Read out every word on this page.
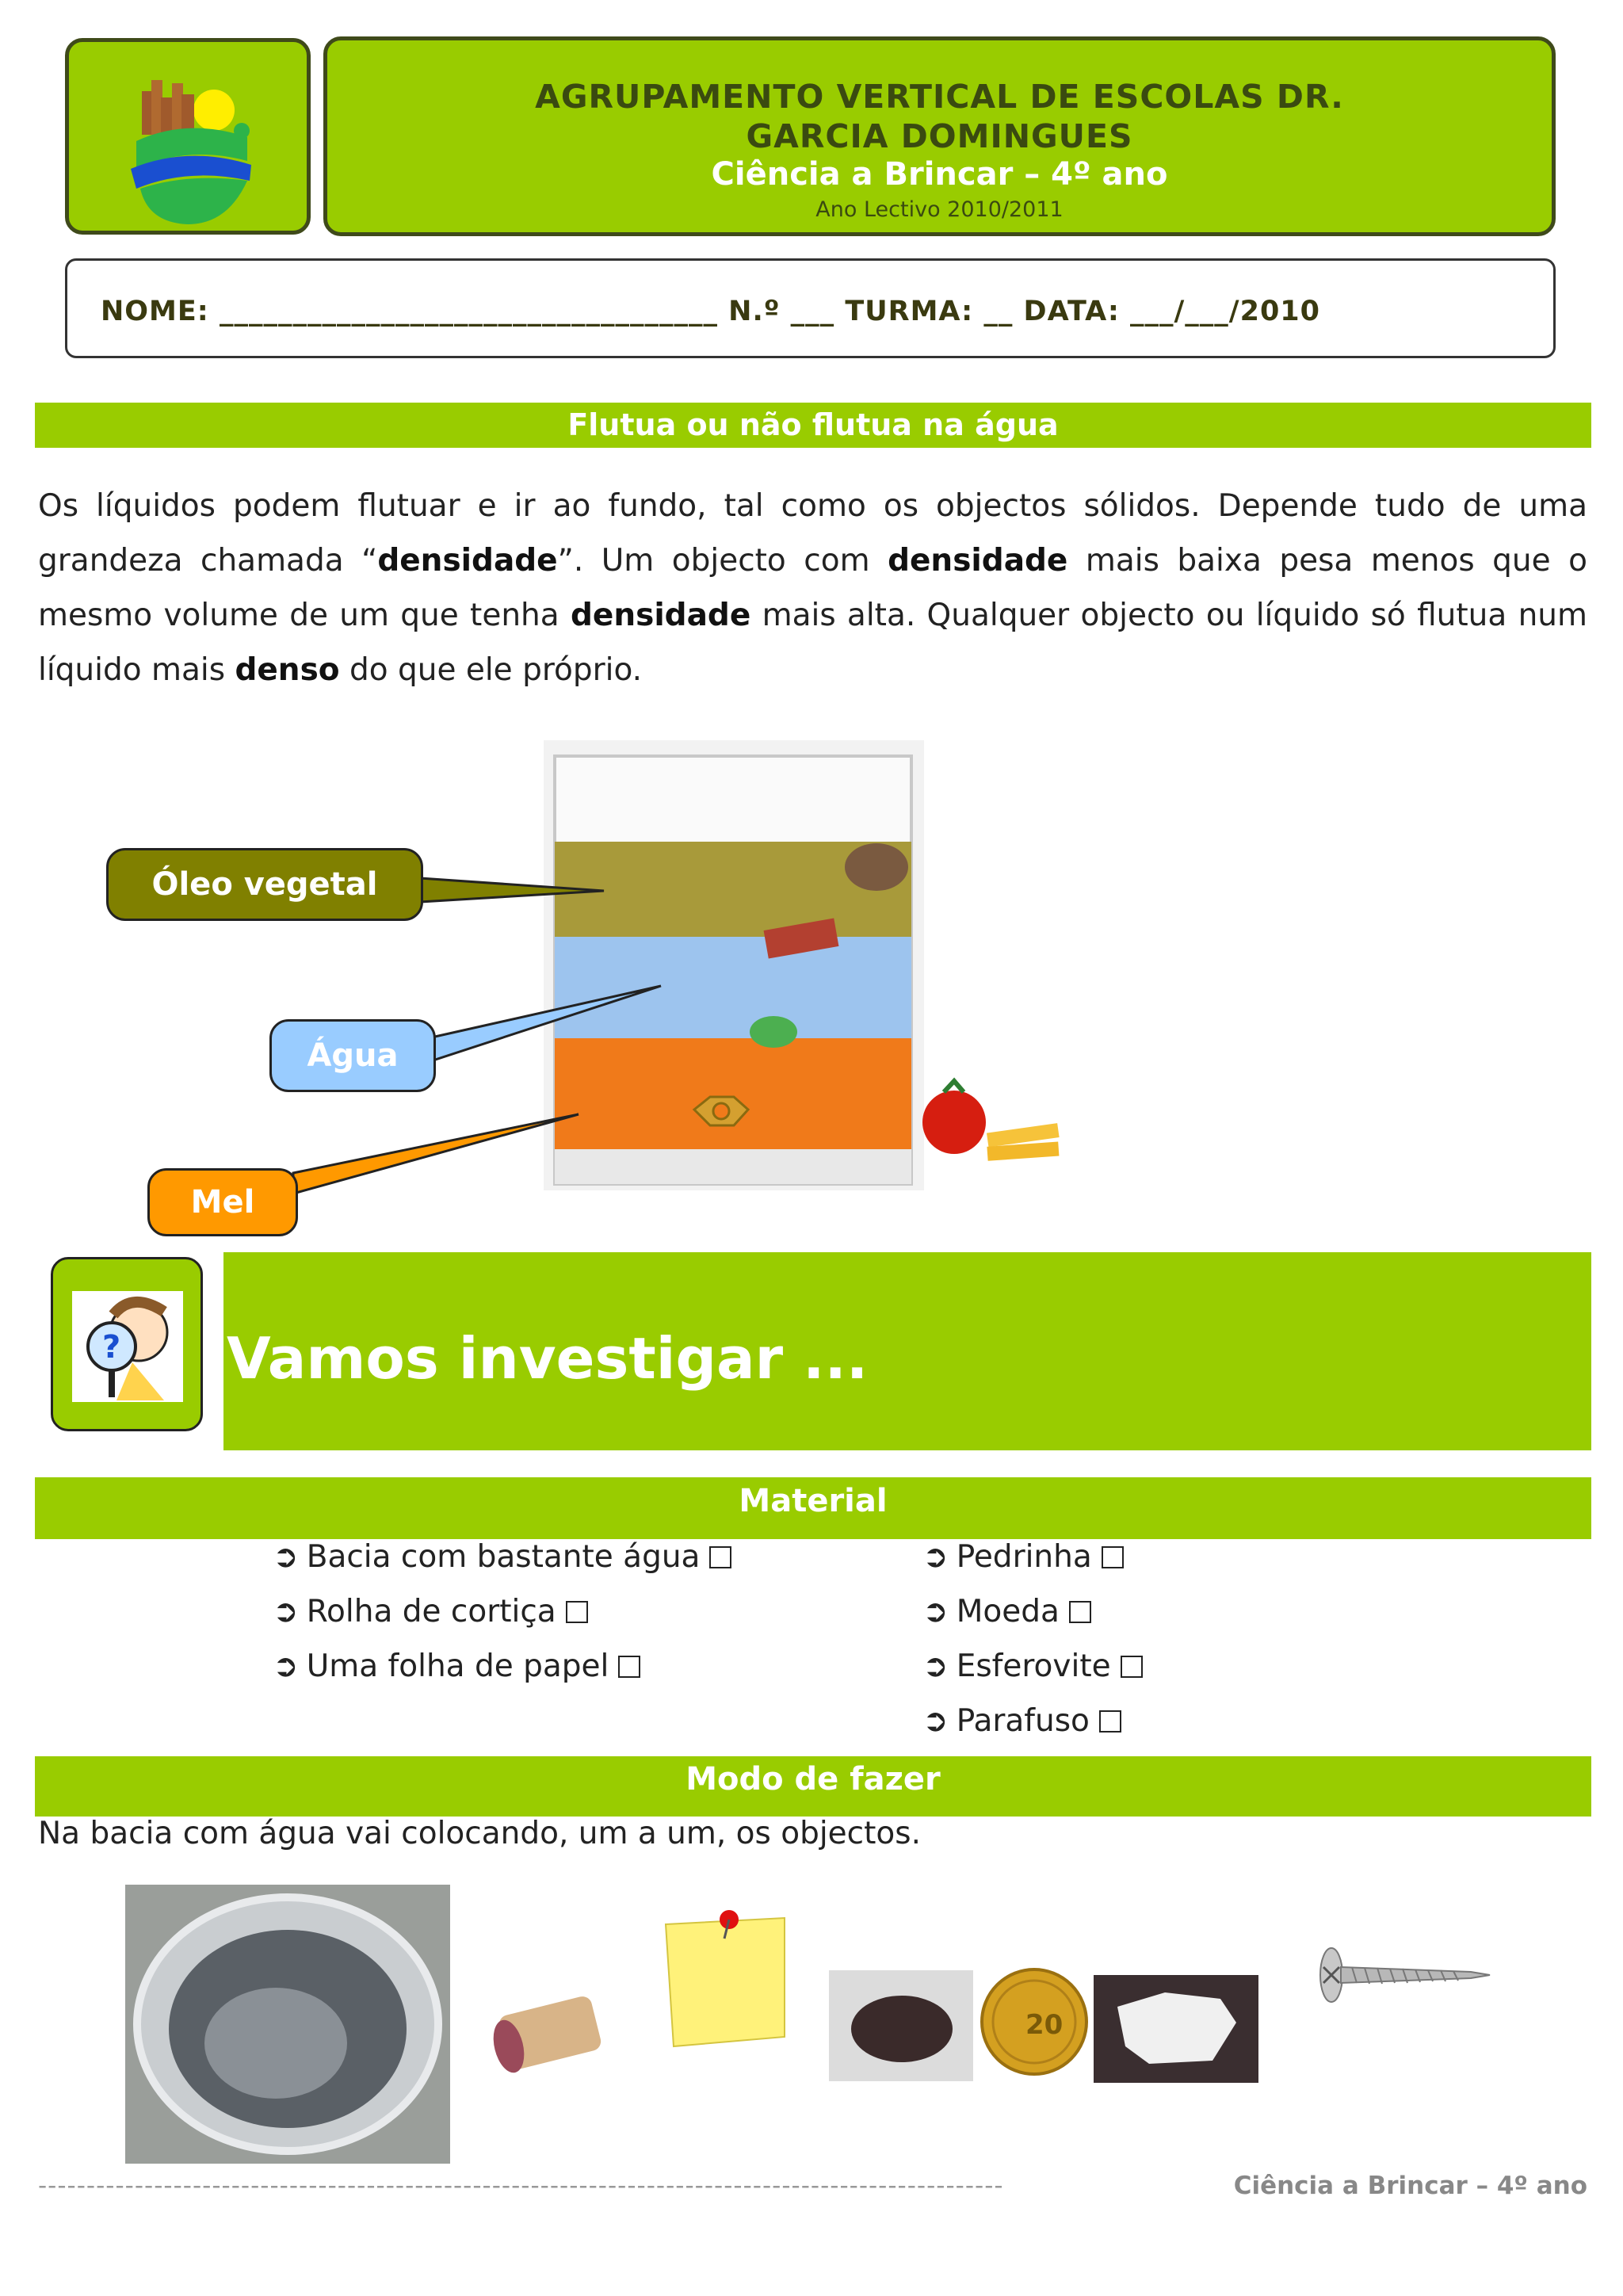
AGRUPAMENTO VERTICAL DE ESCOLAS DR. GARCIA DOMINGUES
Ciência a Brincar – 4º ano
Ano Lectivo 2010/2011
NOME: __________________________________ N.º ___ TURMA: __ DATA: ___/___/2010
Flutua ou não flutua na água
Os líquidos podem flutuar e ir ao fundo, tal como os objectos sólidos. Depende tudo de uma grandeza chamada “densidade”. Um objecto com densidade mais baixa pesa menos que o mesmo volume de um que tenha densidade mais alta. Qualquer objecto ou líquido só flutua num líquido mais denso do que ele próprio.
Óleo vegetal
Água
Mel
? Vamos investigar ...
Material
➲ Bacia com bastante água
➲ Rolha de cortiça
➲ Uma folha de papel
➲ Pedrinha
➲ Moeda
➲ Esferovite
➲ Parafuso
Modo de fazer
Na bacia com água vai colocando, um a um, os objectos.
20
----------------------------------------------------------------------------------------------------	Ciência a Brincar – 4º ano
